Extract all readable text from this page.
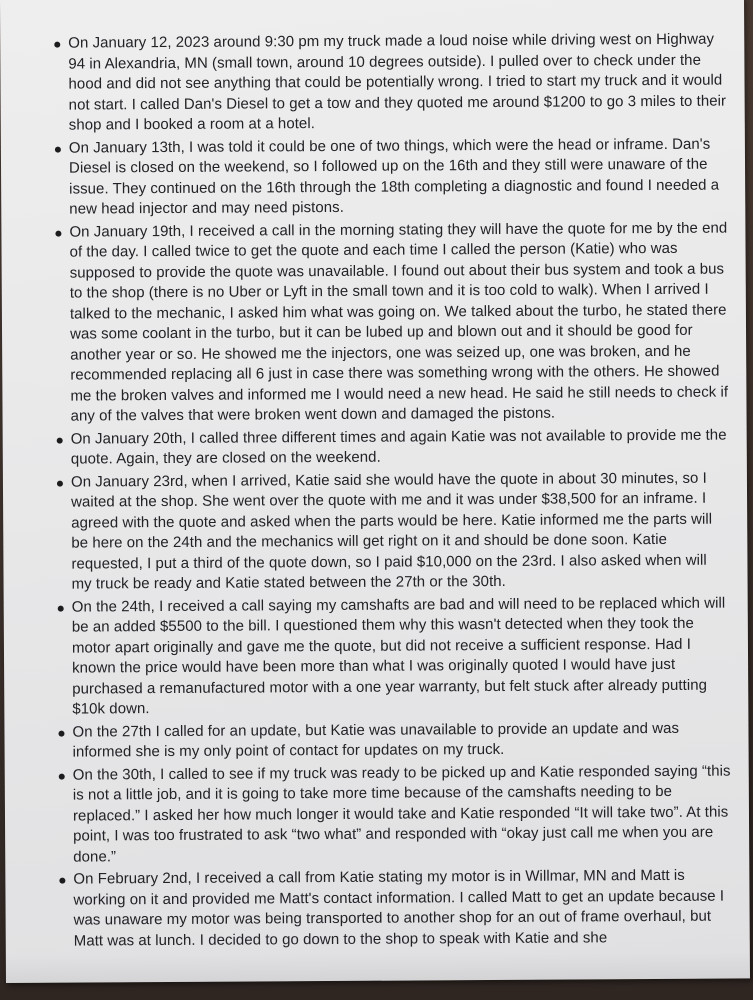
On January 12, 2023 around 9:30 pm my truck made a loud noise while driving west on Highway 94 in Alexandria, MN (small town, around 10 degrees outside). I pulled over to check under the hood and did not see anything that could be potentially wrong. I tried to start my truck and it would not start. I called Dan's Diesel to get a tow and they quoted me around $1200 to go 3 miles to their shop and I booked a room at a hotel.
On January 13th, I was told it could be one of two things, which were the head or inframe. Dan's Diesel is closed on the weekend, so I followed up on the 16th and they still were unaware of the issue. They continued on the 16th through the 18th completing a diagnostic and found I needed a new head injector and may need pistons.
On January 19th, I received a call in the morning stating they will have the quote for me by the end of the day. I called twice to get the quote and each time I called the person (Katie) who was supposed to provide the quote was unavailable. I found out about their bus system and took a bus to the shop (there is no Uber or Lyft in the small town and it is too cold to walk). When I arrived I talked to the mechanic, I asked him what was going on. We talked about the turbo, he stated there was some coolant in the turbo, but it can be lubed up and blown out and it should be good for another year or so. He showed me the injectors, one was seized up, one was broken, and he recommended replacing all 6 just in case there was something wrong with the others. He showed me the broken valves and informed me I would need a new head. He said he still needs to check if any of the valves that were broken went down and damaged the pistons.
On January 20th, I called three different times and again Katie was not available to provide me the quote. Again, they are closed on the weekend.
On January 23rd, when I arrived, Katie said she would have the quote in about 30 minutes, so I waited at the shop. She went over the quote with me and it was under $38,500 for an inframe. I agreed with the quote and asked when the parts would be here. Katie informed me the parts will be here on the 24th and the mechanics will get right on it and should be done soon. Katie requested, I put a third of the quote down, so I paid $10,000 on the 23rd. I also asked when will my truck be ready and Katie stated between the 27th or the 30th.
On the 24th, I received a call saying my camshafts are bad and will need to be replaced which will be an added $5500 to the bill. I questioned them why this wasn't detected when they took the motor apart originally and gave me the quote, but did not receive a sufficient response. Had I known the price would have been more than what I was originally quoted I would have just purchased a remanufactured motor with a one year warranty, but felt stuck after already putting $10k down.
On the 27th I called for an update, but Katie was unavailable to provide an update and was informed she is my only point of contact for updates on my truck.
On the 30th, I called to see if my truck was ready to be picked up and Katie responded saying “this is not a little job, and it is going to take more time because of the camshafts needing to be replaced.” I asked her how much longer it would take and Katie responded “It will take two”. At this point, I was too frustrated to ask “two what” and responded with “okay just call me when you are done.”
On February 2nd, I received a call from Katie stating my motor is in Willmar, MN and Matt is working on it and provided me Matt's contact information. I called Matt to get an update because I was unaware my motor was being transported to another shop for an out of frame overhaul, but Matt was at lunch. I decided to go down to the shop to speak with Katie and she
